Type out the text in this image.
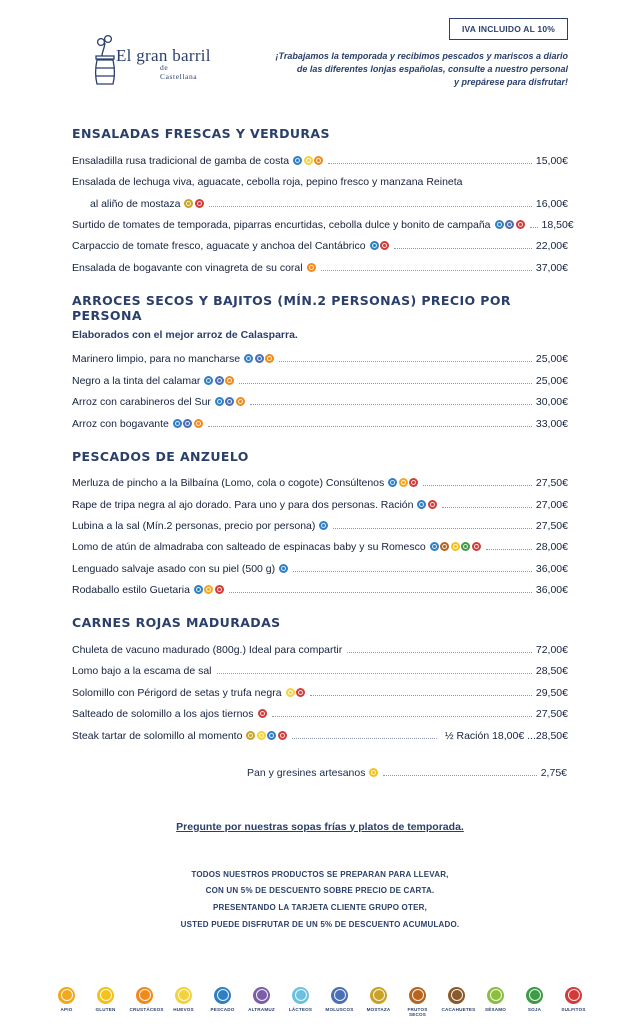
IVA INCLUIDO AL 10%
El gran barril
de Castellana
¡Trabajamos la temporada y recibimos pescados y mariscos a diario
de las diferentes lonjas españolas, consulte a nuestro personal
y prepárese para disfrutar!
ENSALADAS FRESCAS Y VERDURAS
Ensaladilla rusa tradicional de gamba de costa	15,00€
Ensalada de lechuga viva, aguacate, cebolla roja, pepino fresco y manzana Reineta
al aliño de mostaza	16,00€
Surtido de tomates de temporada, piparras encurtidas, cebolla dulce y bonito de campaña	18,50€
Carpaccio de tomate fresco, aguacate y anchoa del Cantábrico	22,00€
Ensalada de bogavante con vinagreta de su coral	37,00€
ARROCES SECOS Y BAJITOS (MÍN.2 PERSONAS) PRECIO POR PERSONA
Elaborados con el mejor arroz de Calasparra.
Marinero limpio, para no mancharse	25,00€
Negro a la tinta del calamar	25,00€
Arroz con carabineros del Sur	30,00€
Arroz con bogavante	33,00€
PESCADOS DE ANZUELO
Merluza de pincho a la Bilbaína (Lomo, cola o cogote) Consúltenos	27,50€
Rape de tripa negra al ajo dorado. Para uno y para dos personas. Ración	27,00€
Lubina a la sal (Mín.2 personas, precio por persona)	27,50€
Lomo de atún de almadraba con salteado de espinacas baby y su Romesco	28,00€
Lenguado salvaje asado con su piel (500 g)	36,00€
Rodaballo estilo Guetaria	36,00€
CARNES ROJAS MADURADAS
Chuleta de vacuno madurado (800g.) Ideal para compartir	72,00€
Lomo bajo a la escama de sal	28,50€
Solomillo con Périgord de setas y trufa negra	29,50€
Salteado de solomillo a los ajos tiernos	27,50€
Steak tartar de solomillo al momento	½ Ración 18,00€ ... 28,50€
Pan y gresines artesanos	2,75€
Pregunte por nuestras sopas frías y platos de temporada.
TODOS NUESTROS PRODUCTOS SE PREPARAN PARA LLEVAR,
CON UN 5% DE DESCUENTO SOBRE PRECIO DE CARTA.
PRESENTANDO LA TARJETA CLIENTE GRUPO OTER,
USTED PUEDE DISFRUTAR DE UN 5% DE DESCUENTO ACUMULADO.
APIO	GLUTEN	CRUSTÁCEOS	HUEVOS	PESCADO	ALTRAMUZ	LÁCTEOS	MOLUSCOS	MOSTAZA	FRUTOS SECOS
CACAHUETES	SÉSAMO	SOJA	SULFITOS
